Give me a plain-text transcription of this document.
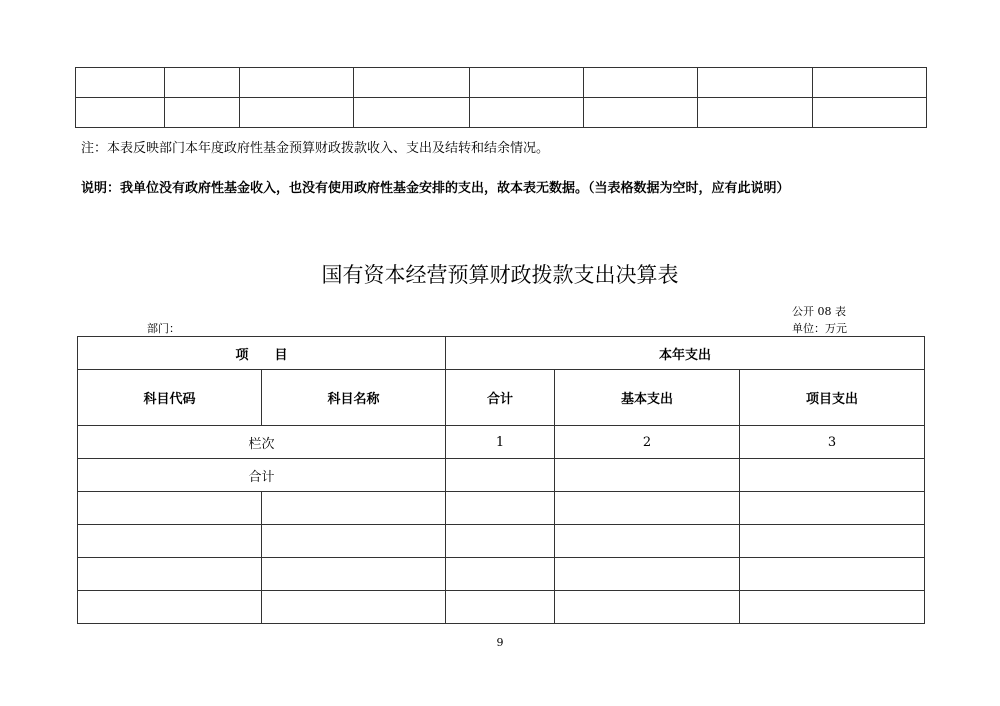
注：本表反映部门本年度政府性基金预算财政拨款收入、支出及结转和结余情况。
说明：我单位没有政府性基金收入，也没有使用政府性基金安排的支出，故本表无数据。（当表格数据为空时，应有此说明）
国有资本经营预算财政拨款支出决算表
公开 08 表
部门：	单位：万元
项　　目		本年支出		
科目代码	科目名称	合计	基本支出	项目支出
栏次		1	2	3
合计				

9
